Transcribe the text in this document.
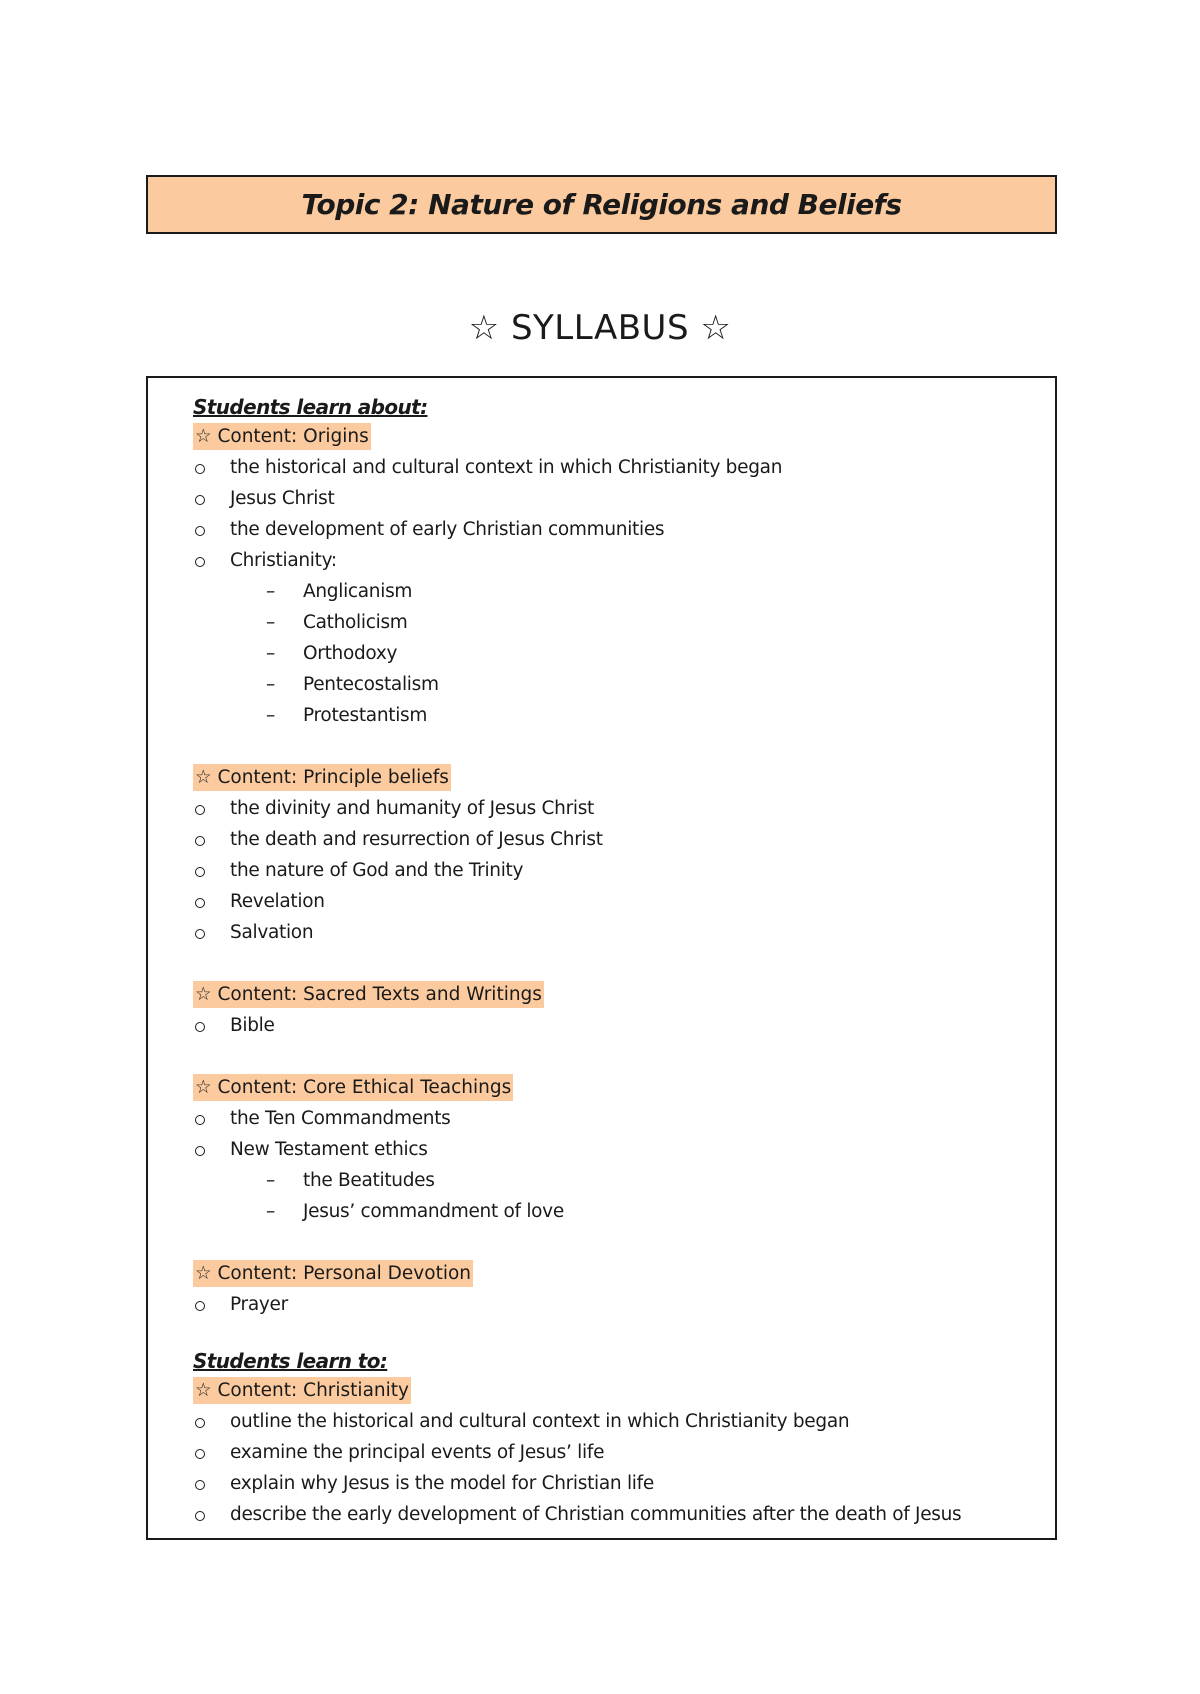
Topic 2: Nature of Religions and Beliefs
☆ SYLLABUS ☆
Students learn about:
☆ Content: Origins
the historical and cultural context in which Christianity began
Jesus Christ
the development of early Christian communities
Christianity:
– Anglicanism
– Catholicism
– Orthodoxy
– Pentecostalism
– Protestantism
☆ Content: Principle beliefs
the divinity and humanity of Jesus Christ
the death and resurrection of Jesus Christ
the nature of God and the Trinity
Revelation
Salvation
☆ Content: Sacred Texts and Writings
Bible
☆ Content: Core Ethical Teachings
the Ten Commandments
New Testament ethics
– the Beatitudes
– Jesus’ commandment of love
☆ Content: Personal Devotion
Prayer
Students learn to:
☆ Content: Christianity
outline the historical and cultural context in which Christianity began
examine the principal events of Jesus’ life
explain why Jesus is the model for Christian life
describe the early development of Christian communities after the death of Jesus
